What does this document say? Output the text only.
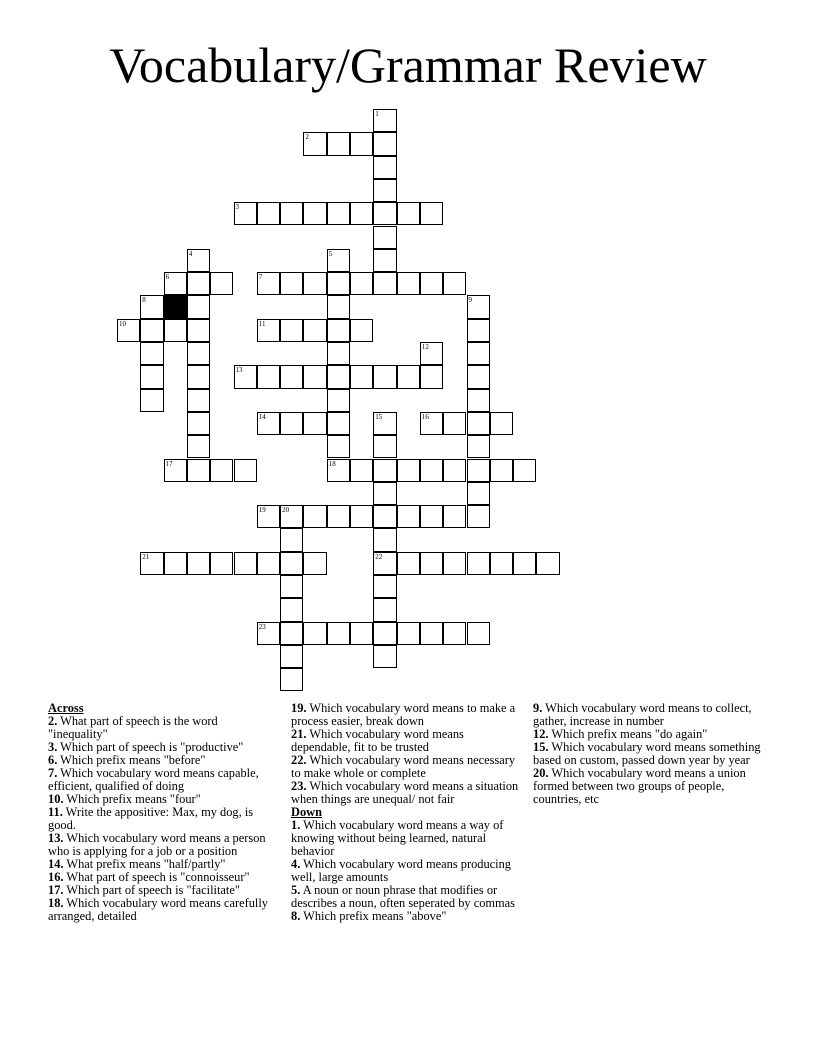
Vocabulary/Grammar Review
1
2
3
4	5
6	7
8	9
10	11
12
13
14	15	16
17	18
19 20
21	22
23
Across
2. What part of speech is the word "inequality"
3. Which part of speech is "productive"
6. Which prefix means "before"
7. Which vocabulary word means capable, efficient, qualified of doing
10. Which prefix means "four"
11. Write the appositive: Max, my dog, is good.
13. Which vocabulary word means a person who is applying for a job or a position
14. What prefix means "half/partly"
16. What part of speech is "connoisseur"
17. Which part of speech is "facilitate"
18. Which vocabulary word means carefully arranged, detailed
19. Which vocabulary word means to make a process easier, break down
21. Which vocabulary word means dependable, fit to be trusted
22. Which vocabulary word means necessary to make whole or complete
23. Which vocabulary word means a situation when things are unequal/ not fair
Down
1. Which vocabulary word means a way of knowing without being learned, natural behavior
4. Which vocabulary word means producing well, large amounts
5. A noun or noun phrase that modifies or describes a noun, often seperated by commas
8. Which prefix means "above"
9. Which vocabulary word means to collect, gather, increase in number
12. Which prefix means "do again"
15. Which vocabulary word means something based on custom, passed down year by year
20. Which vocabulary word means a union formed between two groups of people, countries, etc
